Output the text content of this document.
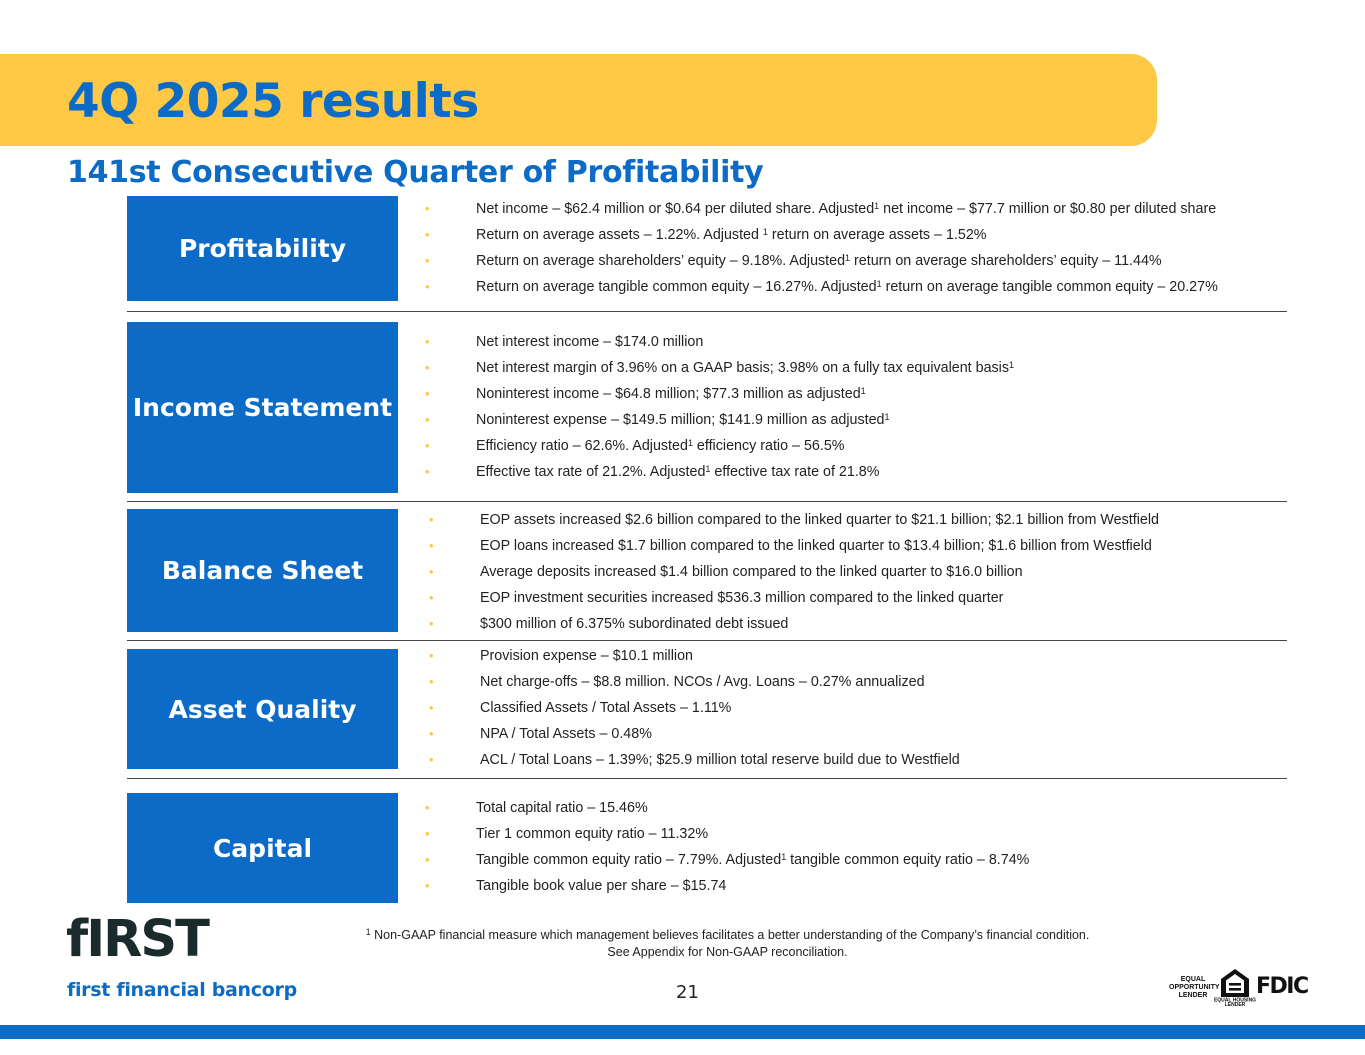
4Q 2025 results
141st Consecutive Quarter of Profitability
Profitability
•	Net income – $62.4 million or $0.64 per diluted share. Adjusted$^1$ net income – $77.7 million or $0.80 per diluted share
•	Return on average assets – 1.22%. Adjusted $^1$ return on average assets – 1.52%
•	Return on average shareholders’ equity – 9.18%. Adjusted$^1$ return on average shareholders’ equity – 11.44%
•	Return on average tangible common equity – 16.27%. Adjusted$^1$ return on average tangible common equity – 20.27%
Income Statement
•	Net interest income – $174.0 million
•	Net interest margin of 3.96% on a GAAP basis; 3.98% on a fully tax equivalent basis$^1$
•	Noninterest income – $64.8 million; $77.3 million as adjusted$^1$
•	Noninterest expense – $149.5 million; $141.9 million as adjusted$^1$
•	Efficiency ratio – 62.6%. Adjusted$^1$ efficiency ratio – 56.5%
•	Effective tax rate of 21.2%. Adjusted$^1$ effective tax rate of 21.8%
Balance Sheet
•	EOP assets increased $2.6 billion compared to the linked quarter to $21.1 billion; $2.1 billion from Westfield
•	EOP loans increased $1.7 billion compared to the linked quarter to $13.4 billion; $1.6 billion from Westfield
•	Average deposits increased $1.4 billion compared to the linked quarter to $16.0 billion
•	EOP investment securities increased $536.3 million compared to the linked quarter
•	$300 million of 6.375% subordinated debt issued
Asset Quality
•	Provision expense – $10.1 million
•	Net charge-offs – $8.8 million. NCOs / Avg. Loans – 0.27% annualized
•	Classified Assets / Total Assets – 1.11%
•	NPA / Total Assets – 0.48%
•	ACL / Total Loans – 1.39%; $25.9 million total reserve build due to Westfield
Capital
•	Total capital ratio – 15.46%
•	Tier 1 common equity ratio – 11.32%
•	Tangible common equity ratio – 7.79%. Adjusted$^1$ tangible common equity ratio – 8.74%
•	Tangible book value per share – $15.74
fIRST
first financial bancorp
$^1$ Non-GAAP financial measure which management believes facilitates a better understanding of the Company’s financial condition.
See Appendix for Non-GAAP reconciliation.
21
EQUAL OPPORTUNITY LENDER
EQUAL HOUSING
LENDER
FDIC
